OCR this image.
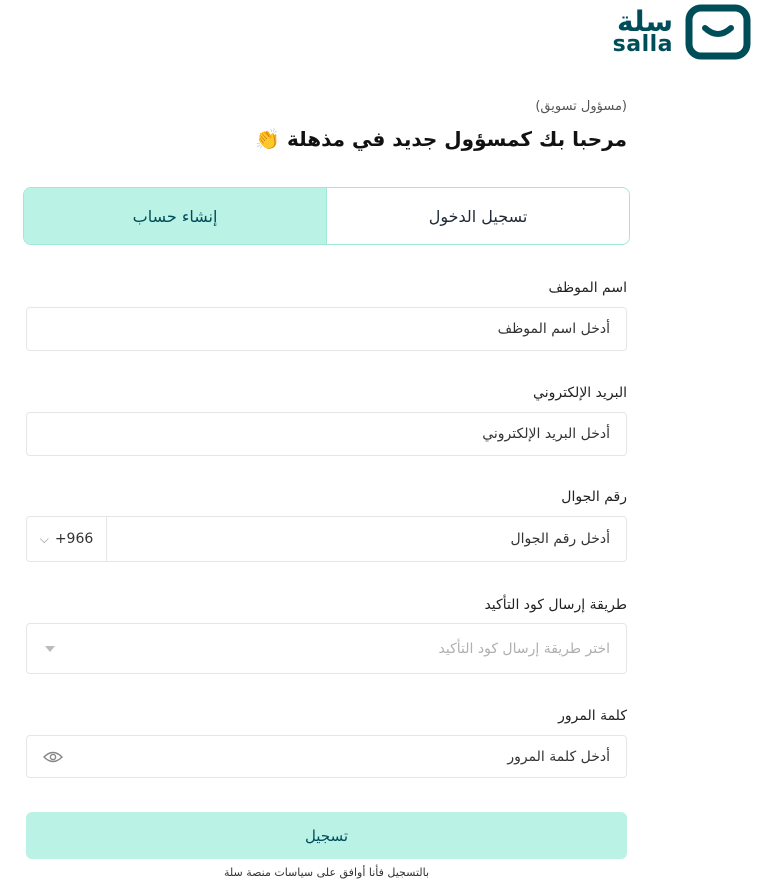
سلة
salla
(مسؤول تسويق)
مرحبا بك كمسؤول جديد في مذهلة 👏
تسجيل الدخول
إنشاء حساب
اسم الموظف
أدخل اسم الموظف
البريد الإلكتروني
أدخل البريد الإلكتروني
رقم الجوال
أدخل رقم الجوال
⌵ +966
طريقة إرسال كود التأكيد
اختر طريقة إرسال كود التأكيد
كلمة المرور
أدخل كلمة المرور
تسجيل
بالتسجيل فأنا أوافق على سياسات منصة سلة
